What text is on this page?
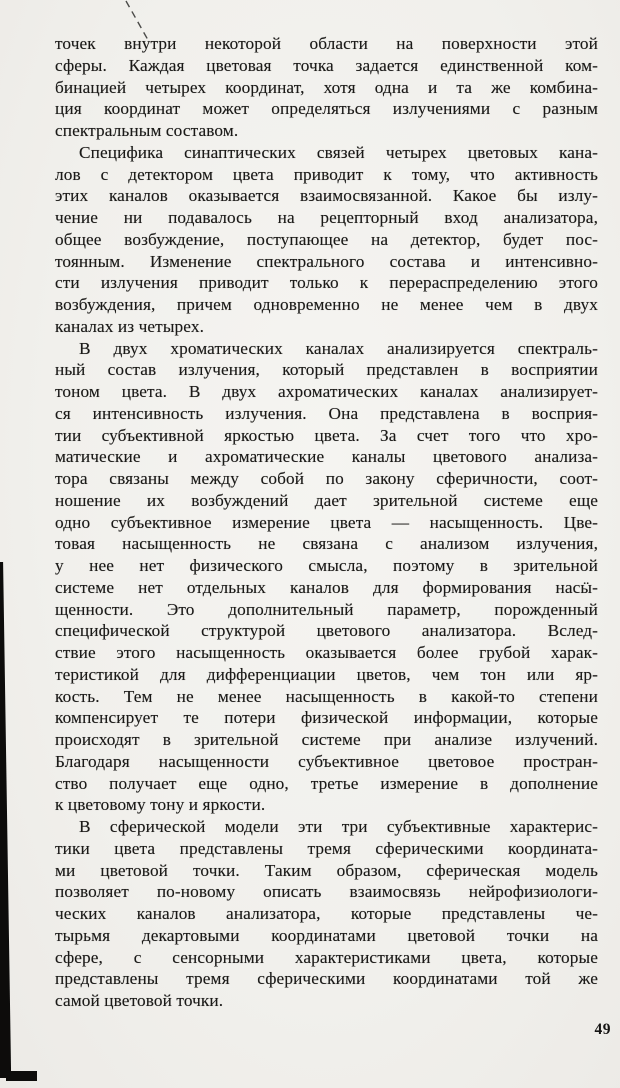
точек внутри некоторой области на поверхности этой
сферы. Каждая цветовая точка задается единственной ком-
бинацией четырех координат, хотя одна и та же комбина-
ция координат может определяться излучениями с разным
спектральным составом.
Специфика синаптических связей четырех цветовых кана-
лов с детектором цвета приводит к тому, что активность
этих каналов оказывается взаимосвязанной. Какое бы излу-
чение ни подавалось на рецепторный вход анализатора,
общее возбуждение, поступающее на детектор, будет пос-
тоянным. Изменение спектрального состава и интенсивно-
сти излучения приводит только к перераспределению этого
возбуждения, причем одновременно не менее чем в двух
каналах из четырех.
В двух хроматических каналах анализируется спектраль-
ный состав излучения, который представлен в восприятии
тоном цвета. В двух ахроматических каналах анализирует-
ся интенсивность излучения. Она представлена в восприя-
тии субъективной яркостью цвета. За счет того что хро-
матические и ахроматические каналы цветового анализа-
тора связаны между собой по закону сферичности, соот-
ношение их возбуждений дает зрительной системе еще
одно субъективное измерение цвета — насыщенность. Цве-
товая насыщенность не связана с анализом излучения,
у нее нет физического смысла, поэтому в зрительной
системе нет отдельных каналов для формирования насӹ-
щенности. Это дополнительный параметр, порожденный
специфической структурой цветового анализатора. Вслед-
ствие этого насыщенность оказывается более грубой харак-
теристикой для дифференциации цветов, чем тон или яр-
кость. Тем не менее насыщенность в какой-то степени
компенсирует те потери физической информации, которые
происходят в зрительной системе при анализе излучений.
Благодаря насыщенности субъективное цветовое простран-
ство получает еще одно, третье измерение в дополнение
к цветовому тону и яркости.
В сферической модели эти три субъективные характерис-
тики цвета представлены тремя сферическими координата-
ми цветовой точки. Таким образом, сферическая модель
позволяет по-новому описать взаимосвязь нейрофизиологи-
ческих каналов анализатора, которые представлены че-
тырьмя декартовыми координатами цветовой точки на
сфере, с сенсорными характеристиками цвета, которые
представлены тремя сферическими координатами той же
самой цветовой точки.
49
